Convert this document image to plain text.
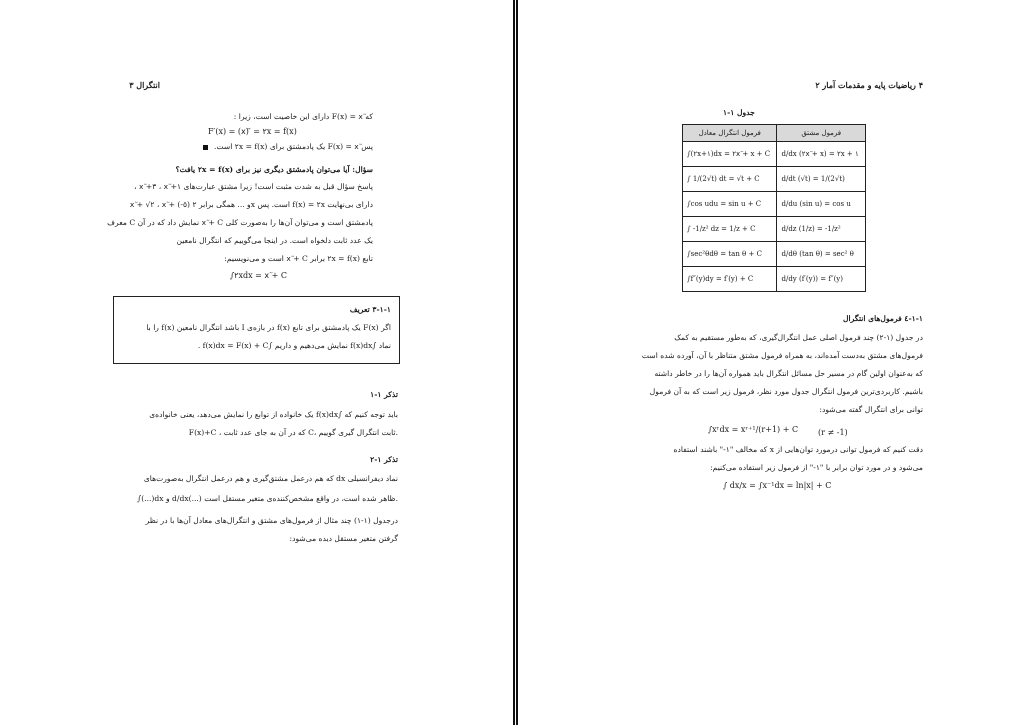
انتگرال ۳
که F(x) = xٓ دارای این خاصیت است، زیرا :
F′(x) = (xٓ)′ = ٢x = f(x)
پس F(x) = xٓ یک پادمشتق برای f(x) = ٢x است.
سؤال: آیا می‌توان پادمشتق دیگری نیز برای f(x) = ٢x یافت؟
پاسخ سؤال قبل به شدت مثبت است! زیرا مشتق عبارت‌های ١+ xٓ ، ٣+ xٓ ،
xٓ + √٢ ، xٓ + (-٥) و ... همگی برابر ٢x است. پس f(x) = ٢x دارای بی‌نهایت
پادمشتق است و می‌توان آن‌ها را به‌صورت کلی xٓ + C نمایش داد که در آن C معرف
یک عدد ثابت دلخواه است. در اینجا می‌گوییم که انتگرال نامعین
تابع f(x) = ٢x برابر xٓ + C است و می‌نویسیم:
∫٢xdx = xٓ + C
١-١-٣ تعریف
اگر F(x) یک پادمشتق برای تابع f(x) در بازه‌ی I باشد انتگرال نامعین f(x) را با
نماد ∫f(x)dx نمایش می‌دهیم و داریم ∫f(x)dx = F(x) + C .
تذکر ١-١
باید توجه کنیم که ∫f(x)dx یک خانواده از توابع را نمایش می‌دهد، یعنی خانواده‌ی
F(x)+C ، که در آن به جای عدد ثابت C، ثابت انتگرال گیری گوییم.
تذکر ١-٢
نماد دیفرانسیلی dx که هم درعمل مشتق‌گیری و هم درعمل انتگرال به‌صورت‌های
∫(...)dx و d/dx(...) ظاهر شده است، در واقع مشخص‌کننده‌ی متغیر مستقل است.
درجدول (١-١) چند مثال از فرمول‌های مشتق و انتگرال‌های معادل آن‌ها با در نظر
گرفتن متغیر مستقل دیده می‌شود:
۴ ریاضیات پایه و مقدمات آمار ۲
جدول ١-١
فرمول انتگرال معادل	فرمول مشتق
∫(٢x+١)dx = ٢xٓ + x + C	d/dx (٢xٓ + x) = ٢x + ١
∫ 1/(2√t) dt = √t + C	d/dt (√t) = 1/(2√t)
∫cos udu = sin u + C	d/du (sin u) = cos u
∫ -1/z² dz = 1/z + C	d/dz (1/z) = -1/z²
∫sec²θdθ = tan θ + C	d/dθ (tan θ) = sec² θ
∫f″(y)dy = f′(y) + C	d/dy (f′(y)) = f″(y)
١-١-٤ فرمول‌های انتگرال
در جدول (١-٢) چند فرمول اصلی عمل انتگرال‌گیری، که به‌طور مستقیم به کمک
فرمول‌های مشتق به‌دست آمده‌اند، به همراه فرمول مشتق متناظر با آن، آورده شده است
که به‌عنوان اولین گام در مسیر حل مسائل انتگرال باید همواره آن‌ها را در خاطر داشته
باشیم. کاربردی‌ترین فرمول انتگرال جدول مورد نظر، فرمول زیر است که به آن فرمول
توانی برای انتگرال گفته می‌شود:
∫xʳdx = xʳ⁺¹/(r+1) + C (r ≠ -1)
دقت کنیم که فرمول توانی درمورد توان‌هایی از x که مخالف "١-" باشند استفاده
می‌شود و در مورد توان برابر با "١-" از فرمول زیر استفاده می‌کنیم:
∫ dx/x = ∫x⁻¹dx = ln|x| + C
